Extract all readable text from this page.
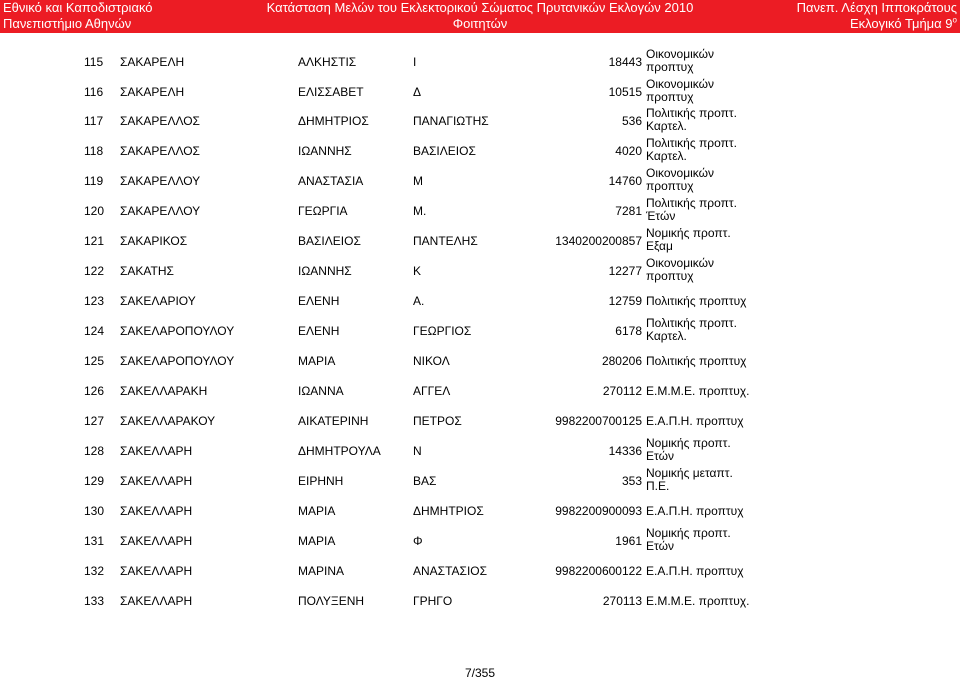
Εθνικό και Καποδιστριακό
Πανεπιστήμιο Αθηνών
Κατάσταση Μελών του Εκλεκτορικού Σώματος Πρυτανικών Εκλογών 2010
Φοιτητών
Πανεπ. Λέσχη Ιπποκράτους
Εκλογικό Τμήμα $9^o$
115 ΣΑΚΑΡΕΛΗ	ΑΛΚΗΣΤΙΣ	Ι	18443
Οικονομικών
προπτυχ
116 ΣΑΚΑΡΕΛΗ	ΕΛΙΣΣΑΒΕΤ	Δ	10515
Οικονομικών
προπτυχ
117 ΣΑΚΑΡΕΛΛΟΣ	ΔΗΜΗΤΡΙΟΣ	ΠΑΝΑΓΙΩΤΗΣ	536
Πολιτικής προπτ.
Καρτελ.
118 ΣΑΚΑΡΕΛΛΟΣ	ΙΩΑΝΝΗΣ	ΒΑΣΙΛΕΙΟΣ	4020
Πολιτικής προπτ.
Καρτελ.
119 ΣΑΚΑΡΕΛΛΟΥ	ΑΝΑΣΤΑΣΙΑ	Μ	14760
Οικονομικών
προπτυχ
120 ΣΑΚΑΡΕΛΛΟΥ	ΓΕΩΡΓΙΑ	Μ.	7281
Πολιτικής προπτ.
Έτών
121 ΣΑΚΑΡΙΚΟΣ	ΒΑΣΙΛΕΙΟΣ	ΠΑΝΤΕΛΗΣ	1340200200857
Νομικής προπτ.
Εξαμ
122 ΣΑΚΑΤΗΣ	ΙΩΑΝΝΗΣ	Κ	12277
Οικονομικών
προπτυχ
123 ΣΑΚΕΛΑΡΙΟΥ	ΕΛΕΝΗ	Α.	12759 Πολιτικής προπτυχ
124 ΣΑΚΕΛΑΡΟΠΟΥΛΟΥ	ΕΛΕΝΗ	ΓΕΩΡΓΙΟΣ	6178
Πολιτικής προπτ.
Καρτελ.
125 ΣΑΚΕΛΑΡΟΠΟΥΛΟΥ	ΜΑΡΙΑ	ΝΙΚΟΛ	280206 Πολιτικής προπτυχ
126 ΣΑΚΕΛΛΑΡΑΚΗ	ΙΩΑΝΝΑ	ΑΓΓΕΛ	270112 Ε.Μ.Μ.Ε. προπτυχ.
127 ΣΑΚΕΛΛΑΡΑΚΟΥ	ΑΙΚΑΤΕΡΙΝΗ	ΠΕΤΡΟΣ	9982200700125 Ε.Α.Π.Η. προπτυχ
128 ΣΑΚΕΛΛΑΡΗ	ΔΗΜΗΤΡΟΥΛΑ	Ν	14336
Νομικής προπτ.
Ετών
129 ΣΑΚΕΛΛΑΡΗ	ΕΙΡΗΝΗ	ΒΑΣ	353
Νομικής μεταπτ.
Π.Ε.
130 ΣΑΚΕΛΛΑΡΗ	ΜΑΡΙΑ	ΔΗΜΗΤΡΙΟΣ	9982200900093 Ε.Α.Π.Η. προπτυχ
131 ΣΑΚΕΛΛΑΡΗ	ΜΑΡΙΑ	Φ	1961
Νομικής προπτ.
Ετών
132 ΣΑΚΕΛΛΑΡΗ	ΜΑΡΙΝΑ	ΑΝΑΣΤΑΣΙΟΣ	9982200600122 Ε.Α.Π.Η. προπτυχ
133 ΣΑΚΕΛΛΑΡΗ	ΠΟΛΥΞΕΝΗ	ΓΡΗΓΟ	270113 Ε.Μ.Μ.Ε. προπτυχ.
7/355
